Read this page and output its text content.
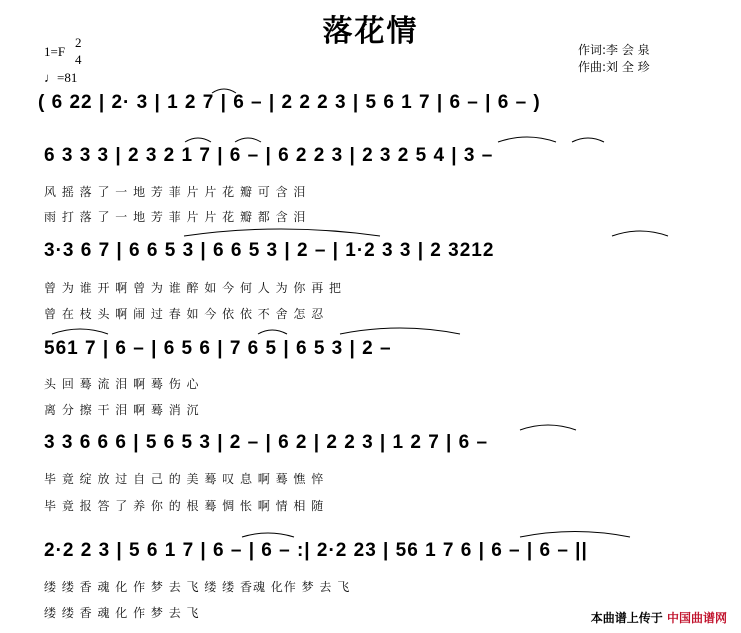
落花情
1=F
2
4
♩=81
作词:李 会 泉
作曲:刘 全 珍
( 6 22 | 2· 3 | 1 2 7 | 6 – | 2 2 2 3 | 5 6 1 7 | 6 – | 6 – )
6 3 3 3 | 2 3 2 1 7 | 6 – | 6 2 2 3 | 2 3 2 5 4 | 3 –
风 摇 落 了 一 地 芳 菲 片 片 花 瓣 可 含 泪
雨 打 落 了 一 地 芳 菲 片 片 花 瓣 都 含 泪
3·3 6 7 | 6 6 5 3 | 6 6 5 3 | 2 – | 1·2 3 3 | 2 3212
曾 为 谁 开 啊 曾 为 谁 醉 如 今 何 人 为 你 再 把
曾 在 枝 头 啊 闹 过 春 如 今 依 依 不 舍 怎 忍
561 7 | 6 – | 6 5 6 | 7 6 5 | 6 5 3 | 2 –
头 回 蓦 流 泪 啊 蓦 伤 心
离 分 擦 干 泪 啊 蓦 消 沉
3 3 6 6 6 | 5 6 5 3 | 2 – | 6 2 | 2 2 3 | 1 2 7 | 6 –
毕 竟 绽 放 过 自 己 的 美 蓦 叹 息 啊 蓦 憔 悴
毕 竟 报 答 了 养 你 的 根 蓦 惆 怅 啊 情 相 随
2·2 2 3 | 5 6 1 7 | 6 – | 6 – :| 2·2 23 | 56 1 7 6 | 6 – | 6 – ||
缕 缕 香 魂 化 作 梦 去 飞 缕 缕 香魂 化作 梦 去 飞
缕 缕 香 魂 化 作 梦 去 飞	本曲谱上传于 中国曲谱网
